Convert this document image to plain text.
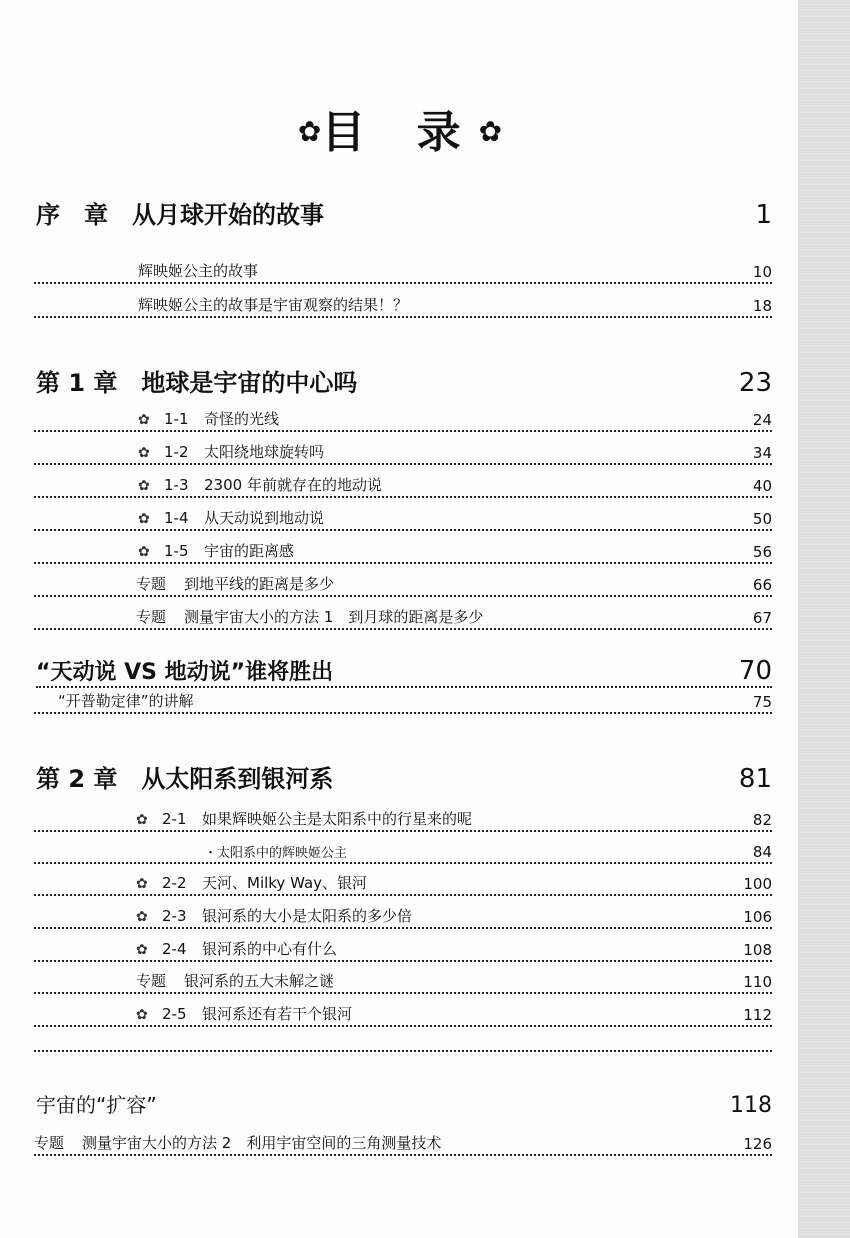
✿目 录✿
序　章　从月球开始的故事	1
辉映姬公主的故事	10
辉映姬公主的故事是宇宙观察的结果！？	18
第 1 章　地球是宇宙的中心吗	23
✿ 1-1 奇怪的光线	24
✿ 1-2 太阳绕地球旋转吗	34
✿ 1-3 2300 年前就存在的地动说	40
✿ 1-4 从天动说到地动说	50
✿ 1-5 宇宙的距离感	56
专题 到地平线的距离是多少	66
专题 测量宇宙大小的方法 1　到月球的距离是多少	67
“天动说 VS 地动说”谁将胜出	70
“开普勒定律”的讲解	75
第 2 章　从太阳系到银河系	81
✿ 2-1 如果辉映姬公主是太阳系中的行星来的呢	82
・太阳系中的辉映姬公主	84
✿ 2-2 天河、Milky Way、银河	100
✿ 2-3 银河系的大小是太阳系的多少倍	106
✿ 2-4 银河系的中心有什么	108
专题 银河系的五大未解之谜	110
✿ 2-5 银河系还有若干个银河	112
宇宙的“扩容”	118
专题 测量宇宙大小的方法 2　利用宇宙空间的三角测量技术	126
